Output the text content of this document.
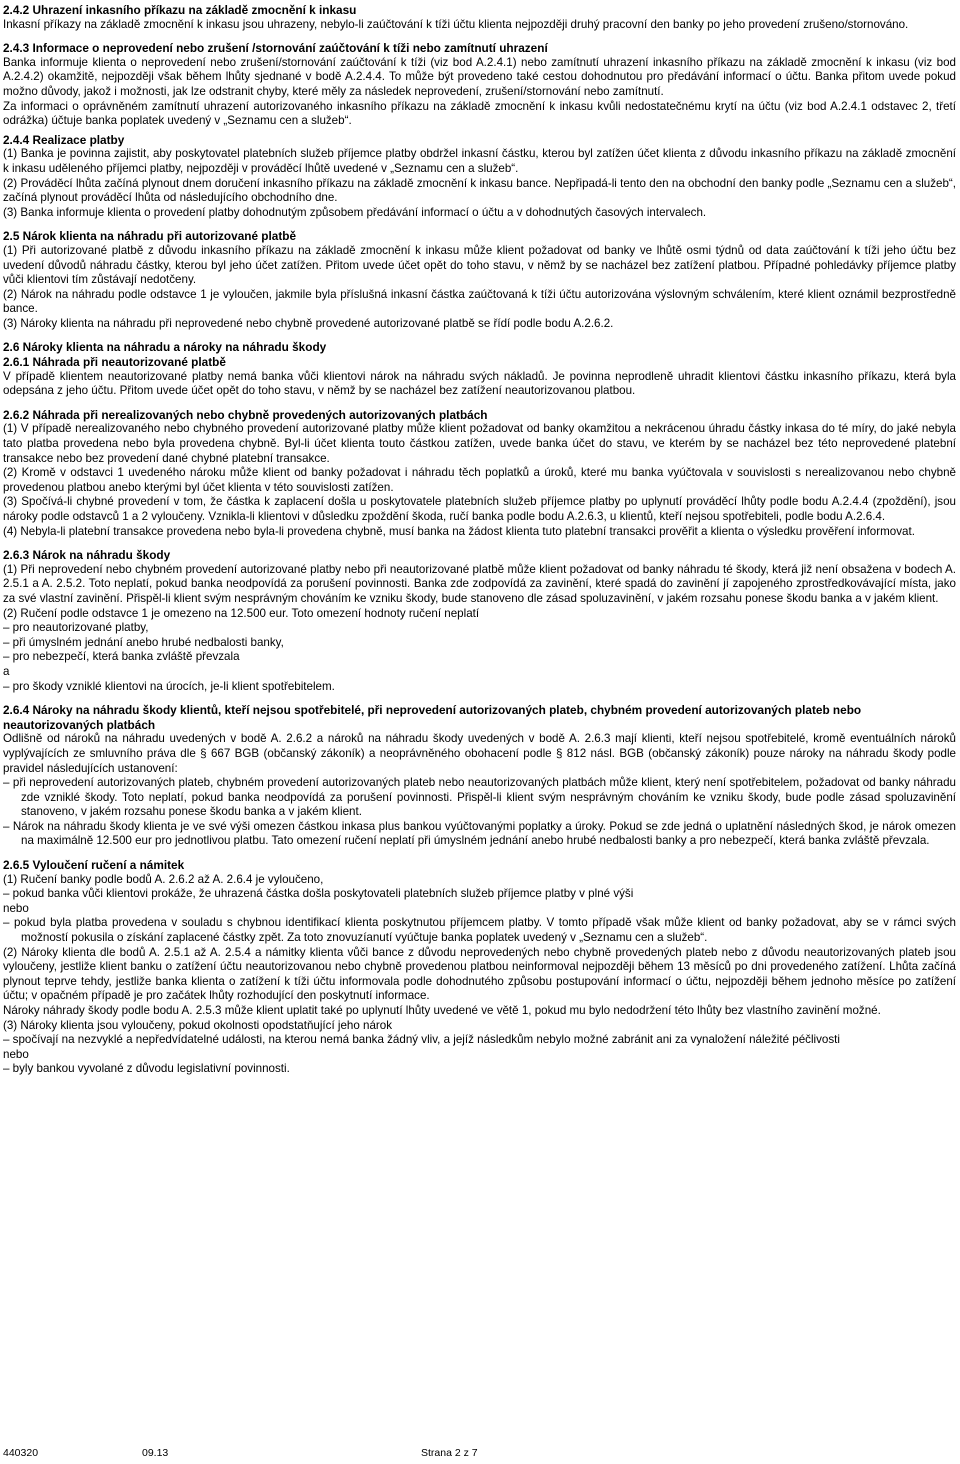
2.4.2 Uhrazení inkasního příkazu na základě zmocnění k inkasu

Inkasní příkazy na základě zmocnění k inkasu jsou uhrazeny, nebylo-li zaúčtování k tíži účtu klienta nejpozději druhý pracovní den banky po jeho provedení zrušeno/stornováno.

2.4.3 Informace o neprovedení nebo zrušení /stornování zaúčtování k tíži nebo zamítnutí uhrazení

Banka informuje klienta o neprovedení nebo zrušení/stornování zaúčtování k tíži (viz bod A.2.4.1) nebo zamítnutí uhrazení inkasního příkazu na základě zmocnění k inkasu (viz bod A.2.4.2) okamžitě, nejpozději však během lhůty sjednané v bodě A.2.4.4. To může být provedeno také cestou dohodnutou pro předávání informací o účtu. Banka přitom uvede pokud možno důvody, jakož i možnosti, jak lze odstranit chyby, které měly za následek neprovedení, zrušení/stornování nebo zamítnutí.

Za informaci o oprávněném zamítnutí uhrazení autorizovaného inkasního příkazu na základě zmocnění k inkasu kvůli nedostatečnému krytí na účtu (viz bod A.2.4.1 odstavec 2, třetí odrážka) účtuje banka poplatek uvedený v „Seznamu cen a služeb“.

2.4.4 Realizace platby

(1) Banka je povinna zajistit, aby poskytovatel platebních služeb příjemce platby obdržel inkasní částku, kterou byl zatížen účet klienta z důvodu inkasního příkazu na základě zmocnění k inkasu uděleného příjemci platby, nejpozději v prováděcí lhůtě uvedené v „Seznamu cen a služeb“.

(2) Prováděcí lhůta začíná plynout dnem doručení inkasního příkazu na základě zmocnění k inkasu bance. Nepřipadá-li tento den na obchodní den banky podle „Seznamu cen a služeb“, začíná plynout prováděcí lhůta od následujícího obchodního dne.

(3) Banka informuje klienta o provedení platby dohodnutým způsobem předávání informací o účtu a v dohodnutých časových intervalech.

2.5 Nárok klienta na náhradu při autorizované platbě

(1) Při autorizované platbě z důvodu inkasního příkazu na základě zmocnění k inkasu může klient požadovat od banky ve lhůtě osmi týdnů od data zaúčtování k tíži jeho účtu bez uvedení důvodů náhradu částky, kterou byl jeho účet zatížen. Přitom uvede účet opět do toho stavu, v němž by se nacházel bez zatížení platbou. Případné pohledávky příjemce platby vůči klientovi tím zůstávají nedotčeny.

(2) Nárok na náhradu podle odstavce 1 je vyloučen, jakmile byla příslušná inkasní částka zaúčtovaná k tíži účtu autorizována výslovným schválením, které klient oznámil bezprostředně bance.

(3) Nároky klienta na náhradu při neprovedené nebo chybně provedené autorizované platbě se řídí podle bodu A.2.6.2.

2.6 Nároky klienta na náhradu a nároky na náhradu škody
2.6.1 Náhrada při neautorizované platbě

V případě klientem neautorizované platby nemá banka vůči klientovi nárok na náhradu svých nákladů. Je povinna neprodleně uhradit klientovi částku inkasního příkazu, která byla odepsána z jeho účtu. Přitom uvede účet opět do toho stavu, v němž by se nacházel bez zatížení neautorizovanou platbou.

2.6.2 Náhrada při nerealizovaných nebo chybně provedených autorizovaných platbách

(1) V případě nerealizovaného nebo chybného provedení autorizované platby může klient požadovat od banky okamžitou a nekrácenou úhradu částky inkasa do té míry, do jaké nebyla tato platba provedena nebo byla provedena chybně. Byl-li účet klienta touto částkou zatížen, uvede banka účet do stavu, ve kterém by se nacházel bez této neprovedené platební transakce nebo bez provedení dané chybné platební transakce.

(2) Kromě v odstavci 1 uvedeného nároku může klient od banky požadovat i náhradu těch poplatků a úroků, které mu banka vyúčtovala v souvislosti s nerealizovanou nebo chybně provedenou platbou anebo kterými byl účet klienta v této souvislosti zatížen.

(3) Spočívá-li chybné provedení v tom, že částka k zaplacení došla u poskytovatele platebních služeb příjemce platby po uplynutí prováděcí lhůty podle bodu A.2.4.4 (zpoždění), jsou nároky podle odstavců 1 a 2 vyloučeny. Vznikla-li klientovi v důsledku zpoždění škoda, ručí banka podle bodu A.2.6.3, u klientů, kteří nejsou spotřebiteli, podle bodu A.2.6.4.

(4) Nebyla-li platební transakce provedena nebo byla-li provedena chybně, musí banka na žádost klienta tuto platební transakci prověřit a klienta o výsledku prověření informovat.

2.6.3 Nárok na náhradu škody

(1) Při neprovedení nebo chybném provedení autorizované platby nebo při neautorizované platbě může klient požadovat od banky náhradu té škody, která již není obsažena v bodech A. 2.5.1 a A. 2.5.2. Toto neplatí, pokud banka neodpovídá za porušení povinnosti. Banka zde zodpovídá za zavinění, které spadá do zavinění jí zapojeného zprostředkovávající místa, jako za své vlastní zavinění. Přispěl-li klient svým nesprávným chováním ke vzniku škody, bude stanoveno dle zásad spoluzavinění, v jakém rozsahu ponese škodu banka a v jakém klient.

(2) Ručení podle odstavce 1 je omezeno na 12.500 eur. Toto omezení hodnoty ručení neplatí

– pro neautorizované platby,

– při úmyslném jednání anebo hrubé nedbalosti banky,

– pro nebezpečí, která banka zvláště převzala

a

– pro škody vzniklé klientovi na úrocích, je-li klient spotřebitelem.

2.6.4 Nároky na náhradu škody klientů, kteří nejsou spotřebitelé, při neprovedení autorizovaných plateb, chybném provedení autorizovaných plateb nebo neautorizovaných platbách

Odlišně od nároků na náhradu uvedených v bodě A. 2.6.2 a nároků na náhradu škody uvedených v bodě A. 2.6.3 mají klienti, kteří nejsou spotřebitelé, kromě eventuálních nároků vyplývajících ze smluvního práva dle § 667 BGB (občanský zákoník) a neoprávněného obohacení podle § 812 násl. BGB (občanský zákoník) pouze nároky na náhradu škody podle pravidel následujících ustanovení:

– při neprovedení autorizovaných plateb, chybném provedení autorizovaných plateb nebo neautorizovaných platbách může klient, který není spotřebitelem, požadovat od banky náhradu zde vzniklé škody. Toto neplatí, pokud banka neodpovídá za porušení povinnosti. Přispěl-li klient svým nesprávným chováním ke vzniku škody, bude podle zásad spoluzavinění stanoveno, v jakém rozsahu ponese škodu banka a v jakém klient.

– Nárok na náhradu škody klienta je ve své výši omezen částkou inkasa plus bankou vyúčtovanými poplatky a úroky. Pokud se zde jedná o uplatnění následných škod, je nárok omezen na maximálně 12.500 eur pro jednotlivou platbu. Tato omezení ručení neplatí při úmyslném jednání anebo hrubé nedbalosti banky a pro nebezpečí, která banka zvláště převzala.

2.6.5 Vyloučení ručení a námitek

(1) Ručení banky podle bodů A. 2.6.2 až A. 2.6.4 je vyloučeno,

– pokud banka vůči klientovi prokáže, že uhrazená částka došla poskytovateli platebních služeb příjemce platby v plné výši

nebo

– pokud byla platba provedena v souladu s chybnou identifikací klienta poskytnutou příjemcem platby. V tomto případě však může klient od banky požadovat, aby se v rámci svých možností pokusila o získání zaplacené částky zpět. Za toto znovuzíanutí vyúčtuje banka poplatek uvedený v „Seznamu cen a služeb“.

(2) Nároky klienta dle bodů A. 2.5.1 až A. 2.5.4 a námitky klienta vůči bance z důvodu neprovedených nebo chybně provedených plateb nebo z důvodu neautorizovaných plateb jsou vyloučeny, jestliže klient banku o zatížení účtu neautorizovanou nebo chybně provedenou platbou neinformoval nejpozději během 13 měsíců po dni provedeného zatížení. Lhůta začíná plynout teprve tehdy, jestliže banka klienta o zatížení k tíži účtu informovala podle dohodnutého způsobu postupování informací o účtu, nejpozději během jednoho měsíce po zatížení účtu; v opačném případě je pro začátek lhůty rozhodující den poskytnutí informace.

Nároky náhrady škody podle bodu A. 2.5.3 může klient uplatit také po uplynutí lhůty uvedené ve větě 1, pokud mu bylo nedodržení této lhůty bez vlastního zavinění možné.

(3) Nároky klienta jsou vyloučeny, pokud okolnosti opodstatňující jeho nárok

– spočívají na nezvyklé a nepředvídatelné události, na kterou nemá banka žádný vliv, a jejíž následkům nebylo možné zabránit ani za vynaložení náležité péčlivosti

nebo

– byly bankou vyvolané z důvodu legislativní povinnosti.

440320	09.13	Strana 2 z 7
